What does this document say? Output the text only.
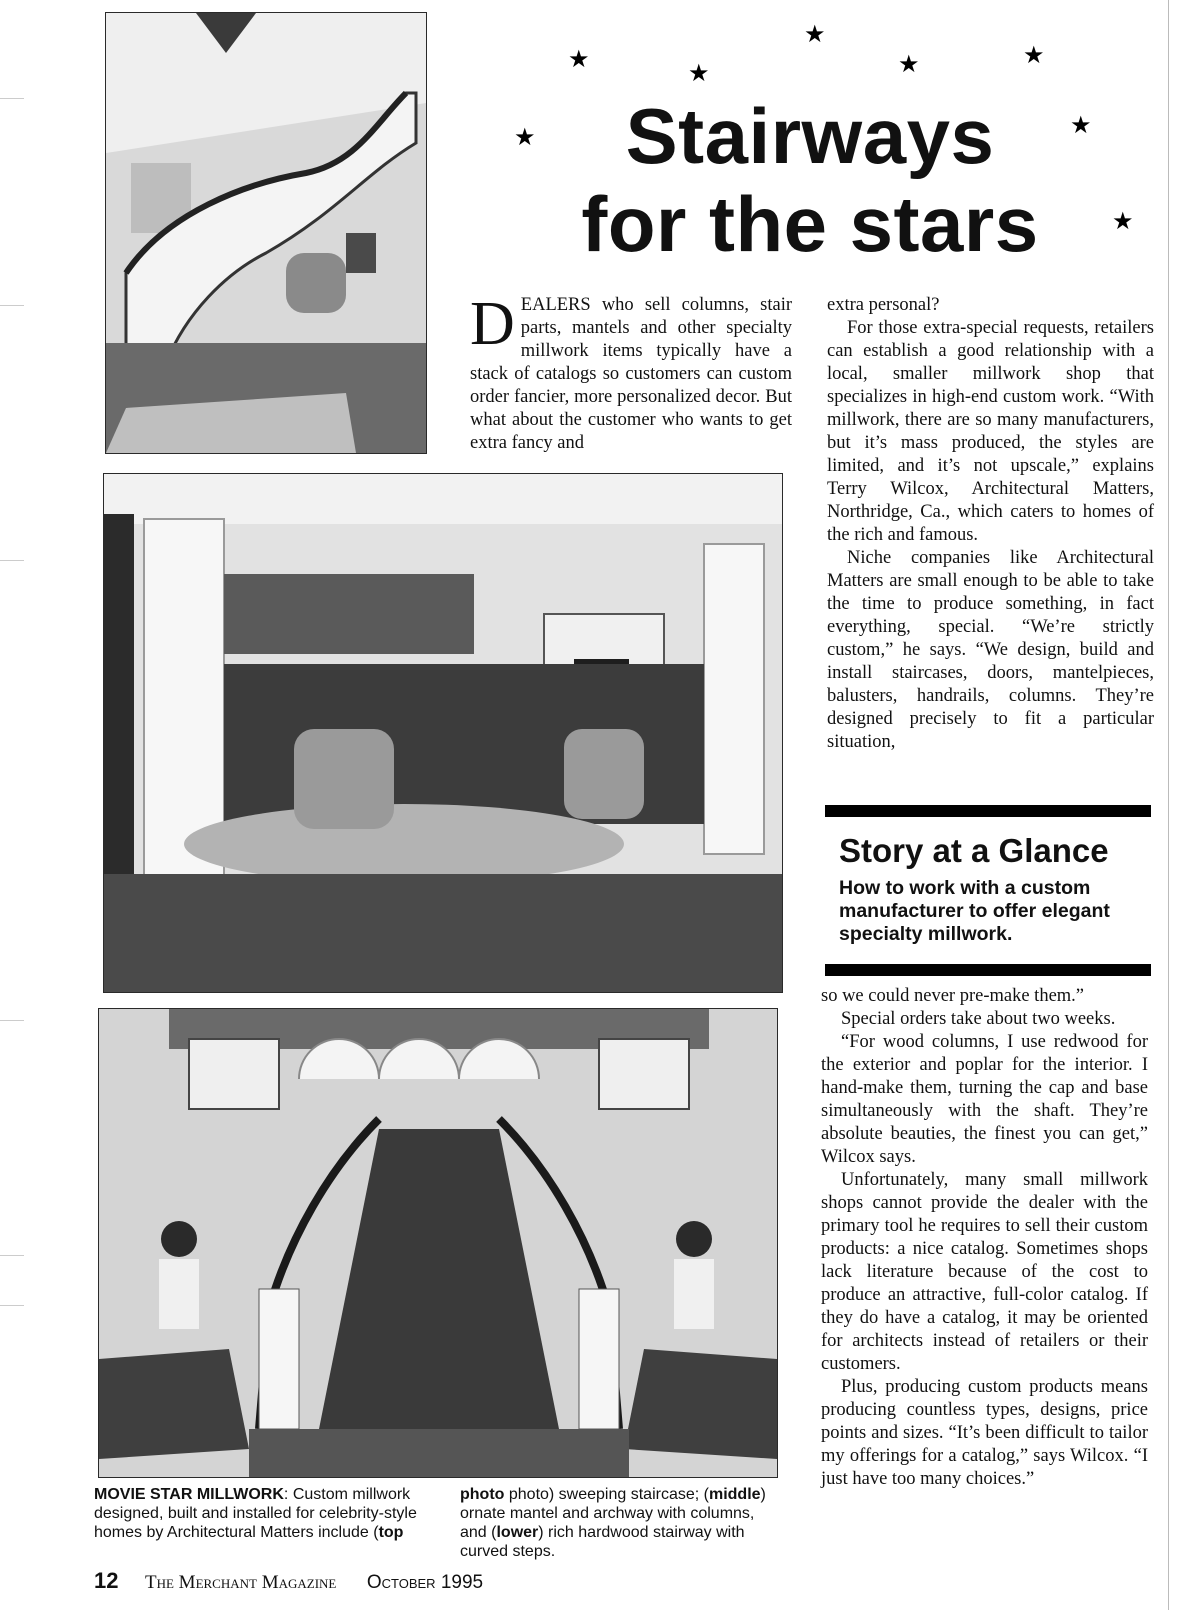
★	★
★
★	★
★	★
★
Stairways
for the stars

DEALERS who sell columns, stair parts, mantels and other specialty millwork items typically have a stack of catalogs so customers can custom order fancier, more personalized decor. But what about the customer who wants to get extra fancy and

extra personal?

For those extra-special requests, retailers can establish a good relationship with a local, smaller millwork shop that specializes in high-end custom work. “With millwork, there are so many manufacturers, but it’s mass produced, the styles are limited, and it’s not upscale,” explains Terry Wilcox, Architectural Matters, Northridge, Ca., which caters to homes of the rich and famous.

Niche companies like Architectural Matters are small enough to be able to take the time to produce something, in fact everything, special. “We’re strictly custom,” he says. “We design, build and install staircases, doors, mantelpieces, balusters, handrails, columns. They’re designed precisely to fit a particular situation,

Story at a Glance
How to work with a custom manufacturer to offer elegant specialty millwork.

so we could never pre-make them.”

Special orders take about two weeks.

“For wood columns, I use redwood for the exterior and poplar for the interior. I hand-make them, turning the cap and base simultaneously with the shaft. They’re absolute beauties, the finest you can get,” Wilcox says.

Unfortunately, many small millwork shops cannot provide the dealer with the primary tool he requires to sell their custom products: a nice catalog. Sometimes shops lack literature because of the cost to produce an attractive, full-color catalog. If they do have a catalog, it may be oriented for architects instead of retailers or their customers.

Plus, producing custom products means producing countless types, designs, price points and sizes. “It’s been difficult to tailor my offerings for a catalog,” says Wilcox. “I just have too many choices.”

MOVIE STAR MILLWORK: Custom millwork designed, built and installed for celebrity-style homes by Architectural Matters include (top

photo photo) sweeping staircase; (middle) ornate mantel and archway with columns, and (lower) rich hardwood stairway with curved steps.

12 The Merchant Magazine October 1995
